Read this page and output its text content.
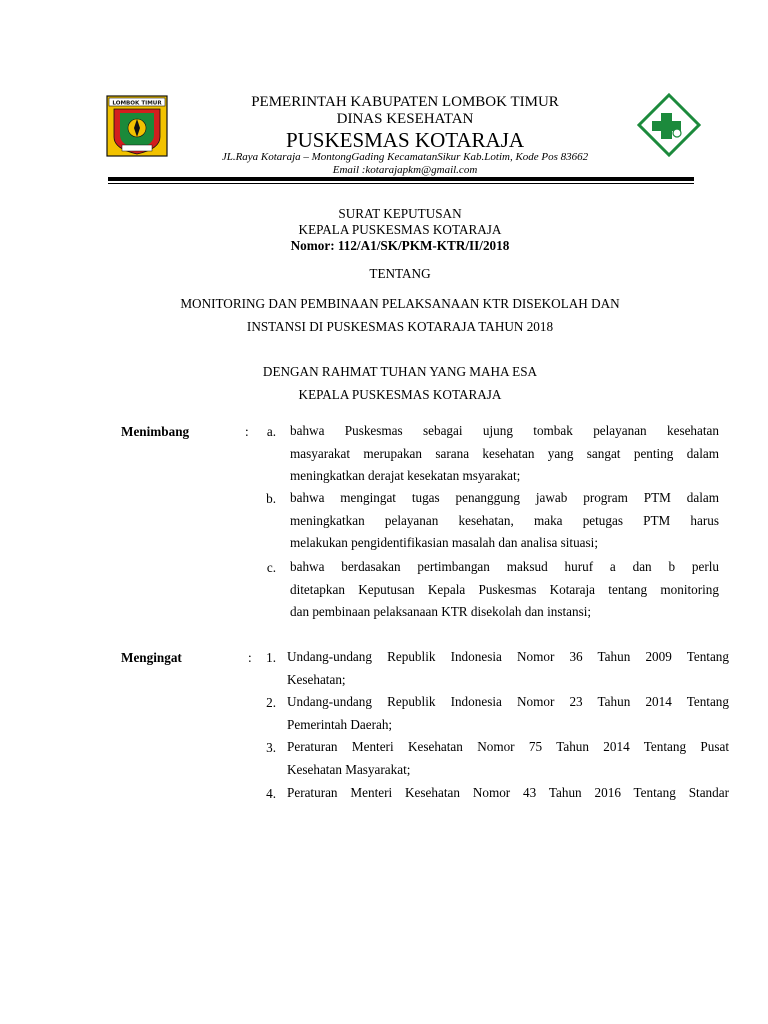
LOMBOK TIMUR	PEMERINTAH KABUPATEN LOMBOK TIMUR
DINAS KESEHATAN
PUSKESMAS KOTARAJA
JL.Raya Kotaraja – MontongGading KecamatanSikur Kab.Lotim, Kode Pos 83662
Email :kotarajapkm@gmail.com
SURAT KEPUTUSAN
KEPALA PUSKESMAS KOTARAJA
Nomor: 112/A1/SK/PKM-KTR/II/2018
TENTANG
MONITORING DAN PEMBINAAN PELAKSANAAN KTR DISEKOLAH DAN
INSTANSI DI PUSKESMAS KOTARAJA TAHUN 2018
DENGAN RAHMAT TUHAN YANG MAHA ESA
KEPALA PUSKESMAS KOTARAJA
Menimbang	:	a. bahwa Puskesmas sebagai ujung tombak pelayanan kesehatan
masyarakat merupakan sarana kesehatan yang sangat penting dalam
meningkatkan derajat kesekatan msyarakat;
b. bahwa mengingat tugas penanggung jawab program PTM dalam
meningkatkan pelayanan kesehatan, maka petugas PTM harus
melakukan pengidentifikasian masalah dan analisa situasi;
c. bahwa berdasakan pertimbangan maksud huruf a dan b perlu
ditetapkan Keputusan Kepala Puskesmas Kotaraja tentang monitoring
dan pembinaan pelaksanaan KTR disekolah dan instansi;
Mengingat	:	1. Undang-undang Republik Indonesia Nomor 36 Tahun 2009 Tentang
Kesehatan;
2. Undang-undang Republik Indonesia Nomor 23 Tahun 2014 Tentang
Pemerintah Daerah;
3. Peraturan Menteri Kesehatan Nomor 75 Tahun 2014 Tentang Pusat
Kesehatan Masyarakat;
4. Peraturan Menteri Kesehatan Nomor 43 Tahun 2016 Tentang Standar
